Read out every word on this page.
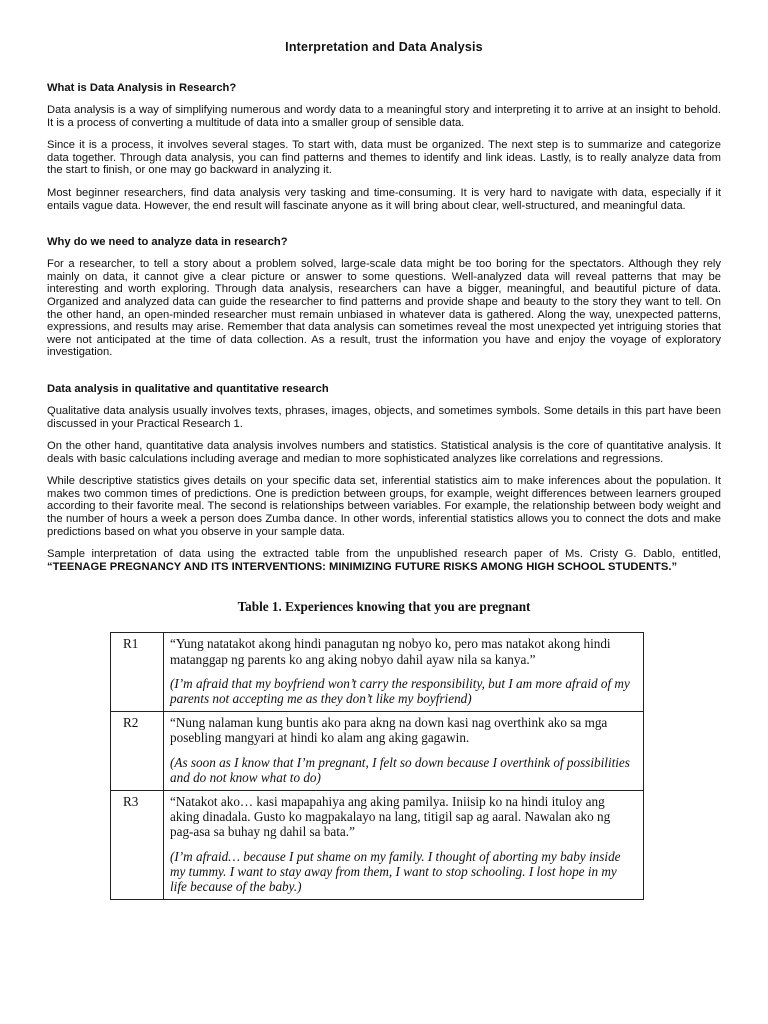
Interpretation and Data Analysis
What is Data Analysis in Research?

Data analysis is a way of simplifying numerous and wordy data to a meaningful story and interpreting it to arrive at an insight to behold. It is a process of converting a multitude of data into a smaller group of sensible data.

Since it is a process, it involves several stages. To start with, data must be organized. The next step is to summarize and categorize data together. Through data analysis, you can find patterns and themes to identify and link ideas. Lastly, is to really analyze data from the start to finish, or one may go backward in analyzing it.

Most beginner researchers, find data analysis very tasking and time-consuming. It is very hard to navigate with data, especially if it entails vague data. However, the end result will fascinate anyone as it will bring about clear, well-structured, and meaningful data.

Why do we need to analyze data in research?

For a researcher, to tell a story about a problem solved, large-scale data might be too boring for the spectators. Although they rely mainly on data, it cannot give a clear picture or answer to some questions. Well-analyzed data will reveal patterns that may be interesting and worth exploring. Through data analysis, researchers can have a bigger, meaningful, and beautiful picture of data. Organized and analyzed data can guide the researcher to find patterns and provide shape and beauty to the story they want to tell. On the other hand, an open-minded researcher must remain unbiased in whatever data is gathered. Along the way, unexpected patterns, expressions, and results may arise. Remember that data analysis can sometimes reveal the most unexpected yet intriguing stories that were not anticipated at the time of data collection. As a result, trust the information you have and enjoy the voyage of exploratory investigation.

Data analysis in qualitative and quantitative research

Qualitative data analysis usually involves texts, phrases, images, objects, and sometimes symbols. Some details in this part have been discussed in your Practical Research 1.

On the other hand, quantitative data analysis involves numbers and statistics. Statistical analysis is the core of quantitative analysis. It deals with basic calculations including average and median to more sophisticated analyzes like correlations and regressions.

While descriptive statistics gives details on your specific data set, inferential statistics aim to make inferences about the population. It makes two common times of predictions. One is prediction between groups, for example, weight differences between learners grouped according to their favorite meal. The second is relationships between variables. For example, the relationship between body weight and the number of hours a week a person does Zumba dance. In other words, inferential statistics allows you to connect the dots and make predictions based on what you observe in your sample data.

Sample interpretation of data using the extracted table from the unpublished research paper of Ms. Cristy G. Dablo, entitled, “TEENAGE PREGNANCY AND ITS INTERVENTIONS: MINIMIZING FUTURE RISKS AMONG HIGH SCHOOL STUDENTS.”

Table 1. Experiences knowing that you are pregnant
R1	“Yung natatakot akong hindi panagutan ng nobyo ko, pero mas natakot akong hindi matanggap ng parents ko ang aking nobyo dahil ayaw nila sa kanya.”

(I’m afraid that my boyfriend won’t carry the responsibility, but I am more afraid of my parents not accepting me as they don’t like my boyfriend)

R2	“Nung nalaman kung buntis ako para akng na down kasi nag overthink ako sa mga posebling mangyari at hindi ko alam ang aking gagawin.

(As soon as I know that I’m pregnant, I felt so down because I overthink of possibilities and do not know what to do)

R3	“Natakot ako… kasi mapapahiya ang aking pamilya. Iniisip ko na hindi ituloy ang aking dinadala. Gusto ko magpakalayo na lang, titigil sap ag aaral. Nawalan ako ng pag-asa sa buhay ng dahil sa bata.”

(I’m afraid… because I put shame on my family. I thought of aborting my baby inside my tummy. I want to stay away from them, I want to stop schooling. I lost hope in my life because of the baby.)
